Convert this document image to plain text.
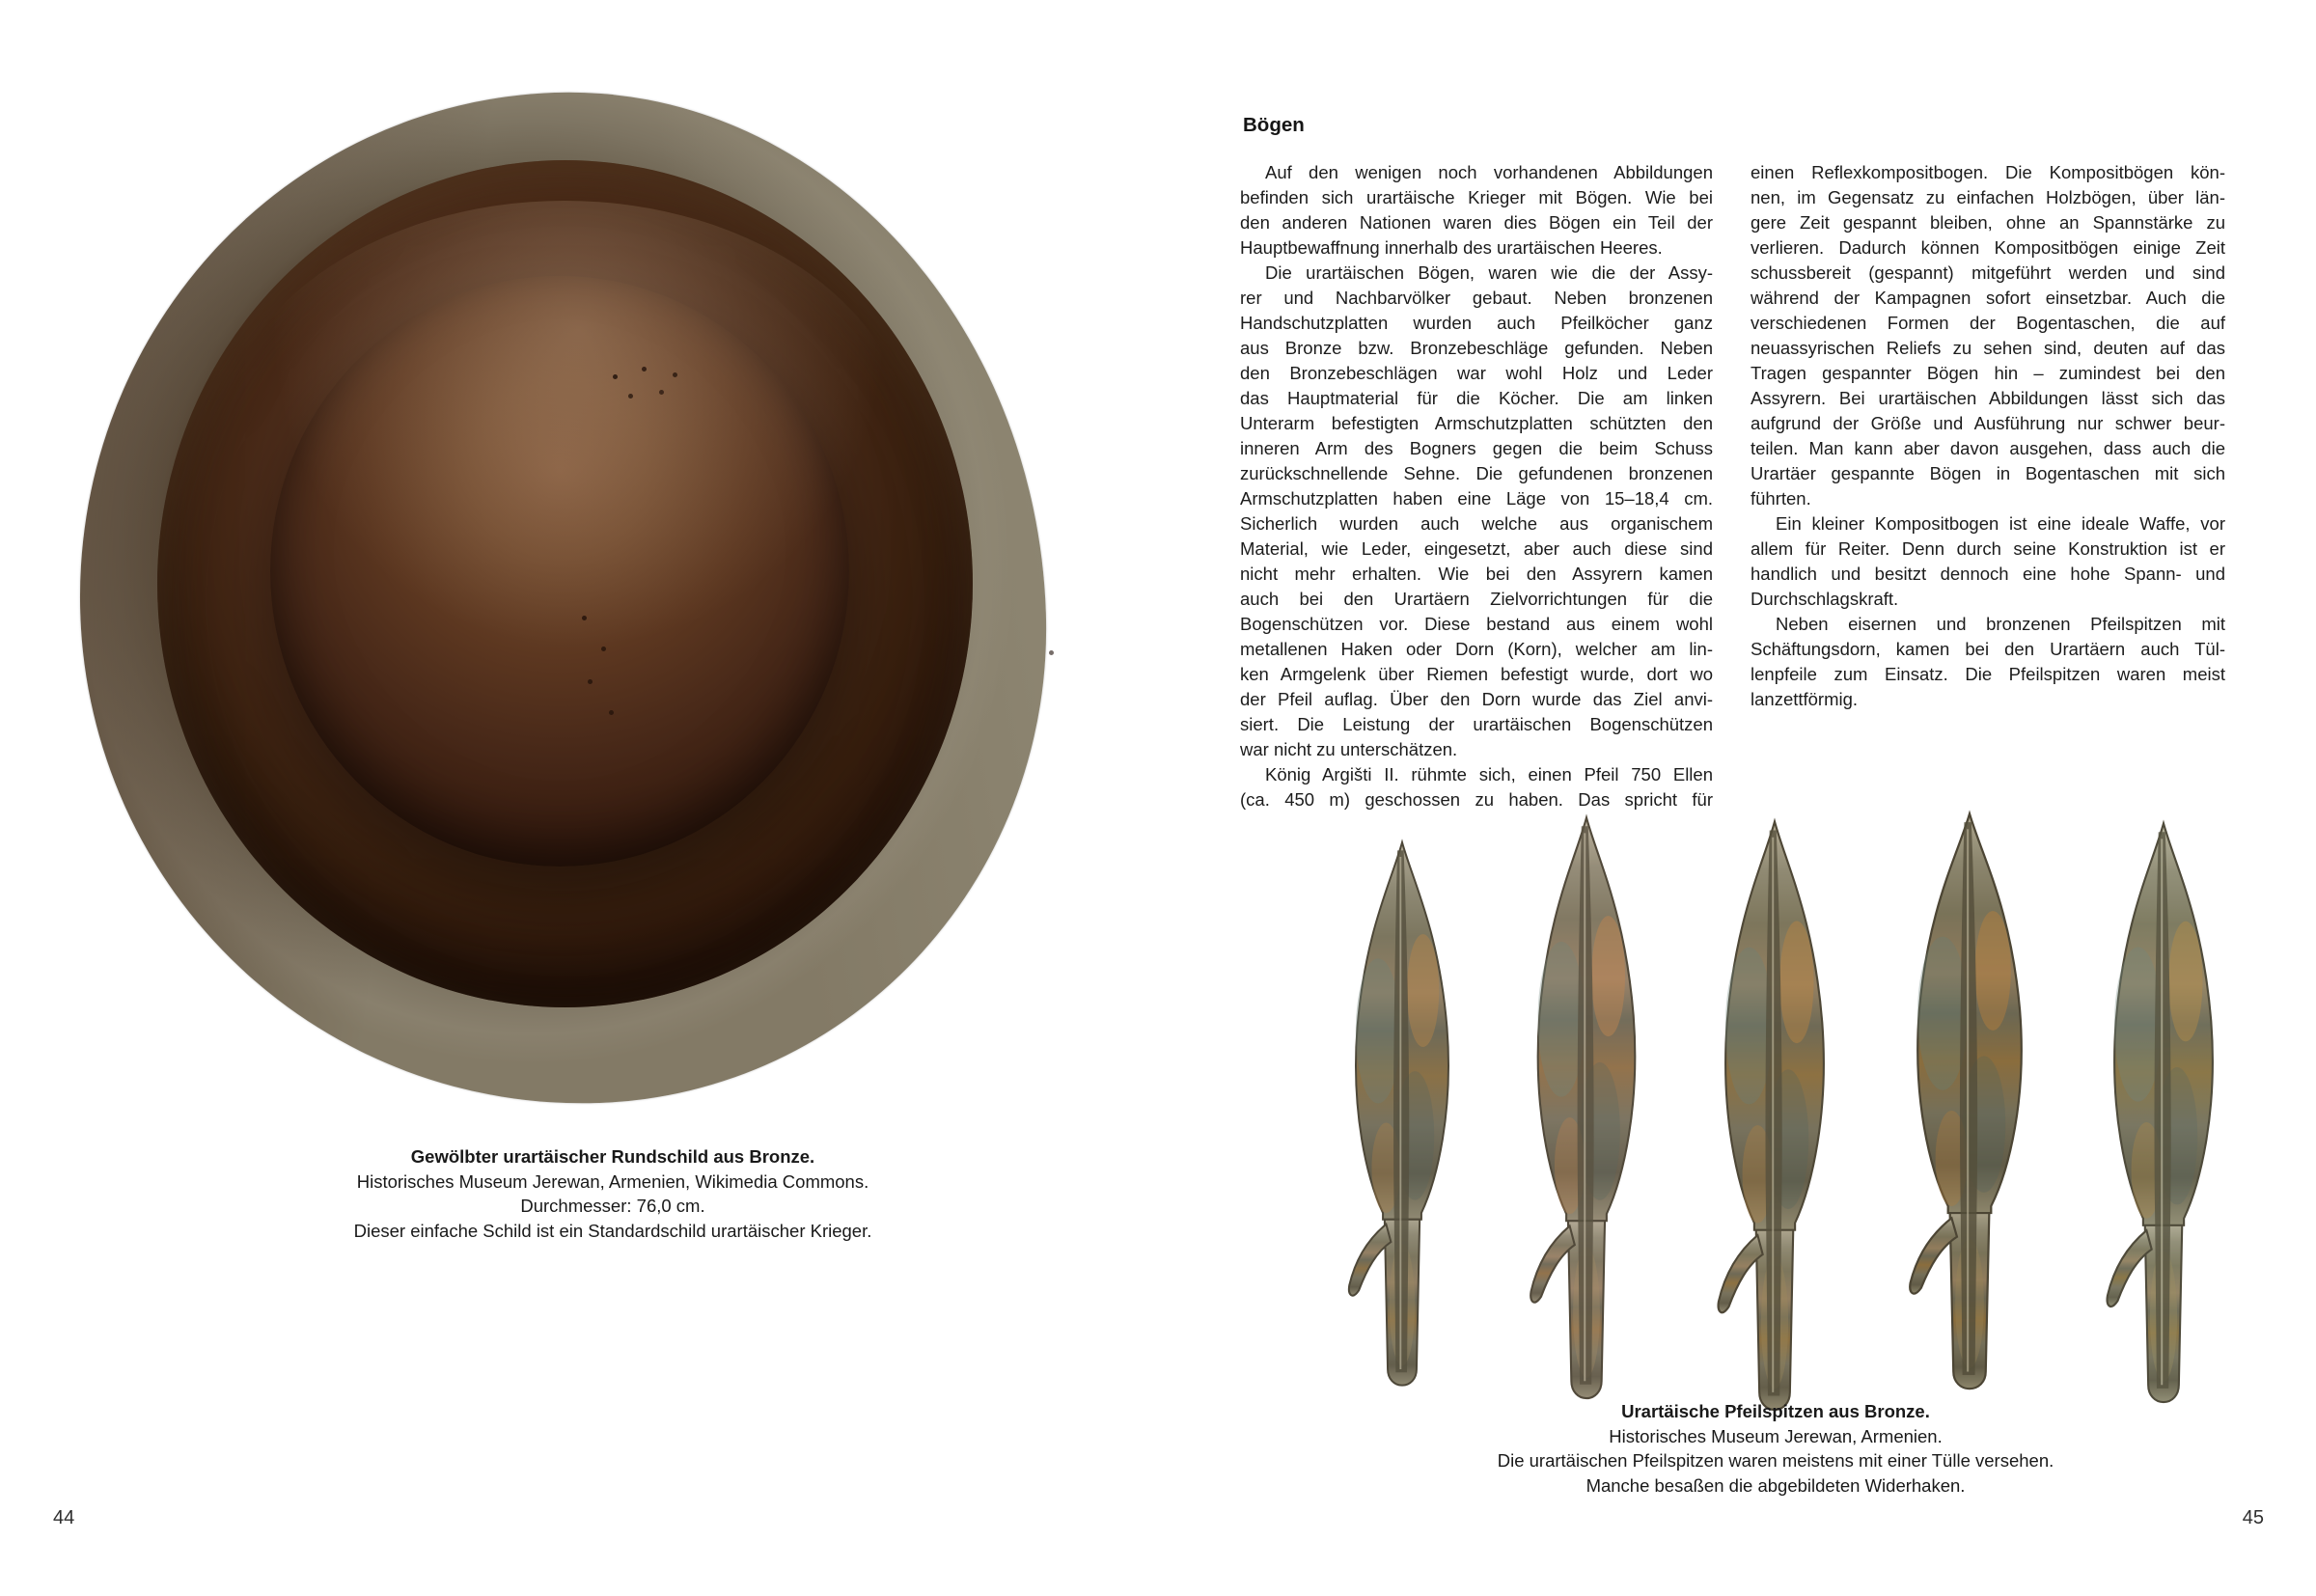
Gewölbter urartäischer Rundschild aus Bronze.
Historisches Museum Jerewan, Armenien, Wikimedia Commons.
Durchmesser: 76,0 cm.
Dieser einfache Schild ist ein Standardschild urartäischer Krieger.
44
Bögen
Auf den wenigen noch vorhandenen Abbildungen
befinden sich urartäische Krieger mit Bögen. Wie bei
den anderen Nationen waren dies Bögen ein Teil der
Hauptbewaffnung innerhalb des urartäischen Heeres.
Die urartäischen Bögen, waren wie die der Assy-
rer und Nachbarvölker gebaut. Neben bronzenen
Handschutzplatten wurden auch Pfeilköcher ganz
aus Bronze bzw. Bronzebeschläge gefunden. Neben
den Bronzebeschlägen war wohl Holz und Leder
das Hauptmaterial für die Köcher. Die am linken
Unterarm befestigten Armschutzplatten schützten den
inneren Arm des Bogners gegen die beim Schuss
zurückschnellende Sehne. Die gefundenen bronzenen
Armschutzplatten haben eine Läge von 15–18,4 cm.
Sicherlich wurden auch welche aus organischem
Material, wie Leder, eingesetzt, aber auch diese sind
nicht mehr erhalten. Wie bei den Assyrern kamen
auch bei den Urartäern Zielvorrichtungen für die
Bogenschützen vor. Diese bestand aus einem wohl
metallenen Haken oder Dorn (Korn), welcher am lin-
ken Armgelenk über Riemen befestigt wurde, dort wo
der Pfeil auflag. Über den Dorn wurde das Ziel anvi-
siert. Die Leistung der urartäischen Bogenschützen
war nicht zu unterschätzen.
König Argišti II. rühmte sich, einen Pfeil 750 Ellen
(ca. 450 m) geschossen zu haben. Das spricht für
einen Reflexkompositbogen. Die Kompositbögen kön-
nen, im Gegensatz zu einfachen Holzbögen, über län-
gere Zeit gespannt bleiben, ohne an Spannstärke zu
verlieren. Dadurch können Kompositbögen einige Zeit
schussbereit (gespannt) mitgeführt werden und sind
während der Kampagnen sofort einsetzbar. Auch die
verschiedenen Formen der Bogentaschen, die auf
neuassyrischen Reliefs zu sehen sind, deuten auf das
Tragen gespannter Bögen hin – zumindest bei den
Assyrern. Bei urartäischen Abbildungen lässt sich das
aufgrund der Größe und Ausführung nur schwer beur-
teilen. Man kann aber davon ausgehen, dass auch die
Urartäer gespannte Bögen in Bogentaschen mit sich
führten.
Ein kleiner Kompositbogen ist eine ideale Waffe, vor
allem für Reiter. Denn durch seine Konstruktion ist er
handlich und besitzt dennoch eine hohe Spann- und
Durchschlagskraft.
Neben eisernen und bronzenen Pfeilspitzen mit
Schäftungsdorn, kamen bei den Urartäern auch Tül-
lenpfeile zum Einsatz. Die Pfeilspitzen waren meist
lanzettförmig.
Urartäische Pfeilspitzen aus Bronze.
Historisches Museum Jerewan, Armenien.
Die urartäischen Pfeilspitzen waren meistens mit einer Tülle versehen.
Manche besaßen die abgebildeten Widerhaken.
45
